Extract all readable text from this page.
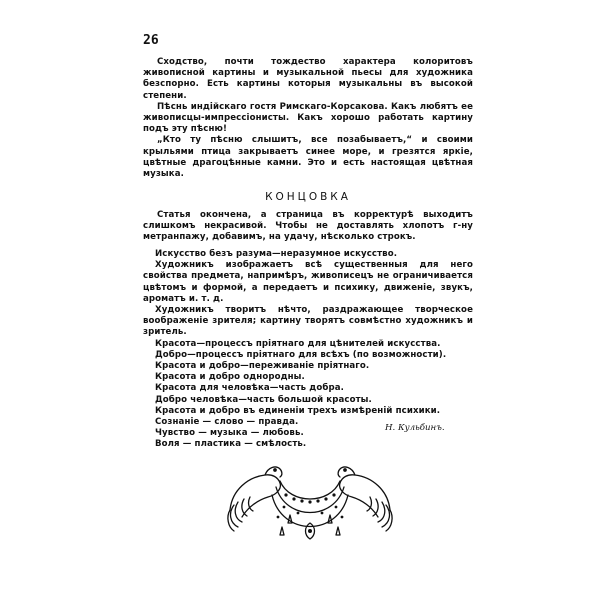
26

Сходство, почти тождество характера колоритовъ живописной картины и музыкальной пьесы для художника безспорно. Есть картины которыя музыкальны въ высокой степени.

Пѣснь индiйскаго гостя Римскаго-Корсакова. Какъ любятъ ее живописцы-импрессiонисты. Какъ хорошо работать картину подъ эту пѣсню!

„Кто ту пѣсню слышитъ, все позабываетъ,“ и своими крыльями птица закрываетъ синее море, и грезятся яркiе, цвѣтные драгоцѣнные камни. Это и есть настоящая цвѣтная музыка.

КОНЦОВКА

Статья окончена, а страница въ корректурѣ выходитъ слишкомъ некрасивой. Чтобы не доставлять хлопотъ г-ну метранпажу, добавимъ, на удачу, нѣсколько строкъ.

Искусство безъ разума—неразумное искусство.

Художникъ изображаетъ всѣ существенныя для него свойства предмета, напримѣръ, живописецъ не ограничивается цвѣтомъ и формой, а передаетъ и психику, движенiе, звукъ, ароматъ и. т. д.

Художникъ творитъ нѣчто, раздражающее творческое воображенiе зрителя; картину творятъ совмѣстно художникъ и зритель.

Красота—процессъ прiятнаго для цѣнителей искусства.

Добро—процессъ прiятнаго для всѣхъ (по возможности).

Красота и добро—переживанiе прiятнаго.

Красота и добро однородны.

Красота для человѣка—часть добра.

Добро человѣка—часть большой красоты.

Красота и добро въ единенiи трехъ измѣренiй психики.

Сознанiе — слово — правда.

Чувство — музыка — любовь.

Воля — пластика — смѣлость.

Н. Кульбинъ.
